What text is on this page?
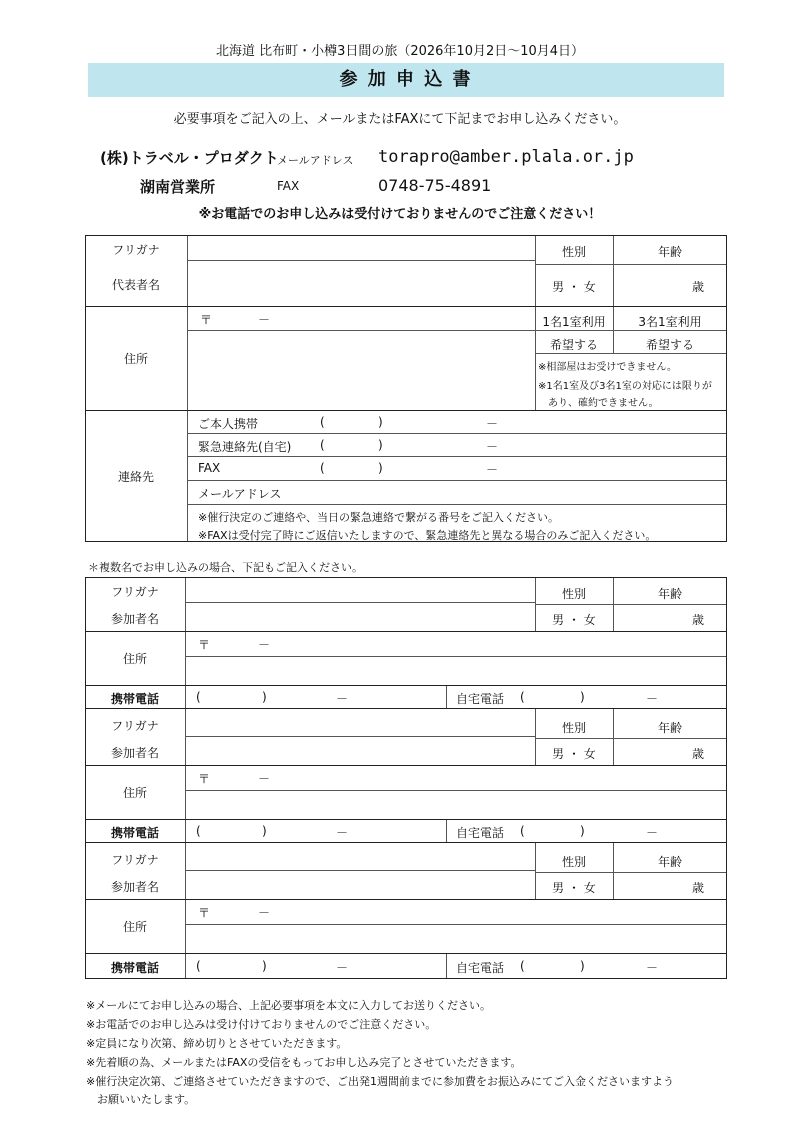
北海道 比布町・小樽3日間の旅（2026年10月2日～10月4日）
参 加 申 込 書
必要事項をご記入の上、メールまたはFAXにて下記までお申し込みください。
(株)トラベル・プロダクト
メールアドレス torapro@amber.plala.or.jp
湖南営業所	FAX	0748-75-4891
※お電話でのお申し込みは受付けておりませんのでご注意ください！
フリガナ
代表者名
性別	年齢
男 ・ 女	歳
住所
〒	－	1名1室利用	3名1室利用
希望する	希望する
※相部屋はお受けできません。
※1名1室及び3名1室の対応には限りが
あり、確約できません。
連絡先
ご本人携帯	(	)	－
緊急連絡先(自宅) (	)	－
FAX	(	)	－
メールアドレス
※催行決定のご連絡や、当日の緊急連絡で繋がる番号をご記入ください。
※FAXは受付完了時にご返信いたしますので、緊急連絡先と異なる場合のみご記入ください。
＊複数名でお申し込みの場合、下記もご記入ください。
フリガナ
参加者名
性別	年齢
男 ・ 女	歳
住所
〒	－
携帯電話	(	)	－	自宅電話 (	)	－
フリガナ
参加者名
性別	年齢
男 ・ 女	歳
住所
〒	－
携帯電話	(	)	－	自宅電話 (	)	－
フリガナ
参加者名
性別	年齢
男 ・ 女	歳
住所
〒	－
携帯電話	(	)	－	自宅電話 (	)	－
※メールにてお申し込みの場合、上記必要事項を本文に入力してお送りください。
※お電話でのお申し込みは受け付けておりませんのでご注意ください。
※定員になり次第、締め切りとさせていただきます。
※先着順の為、メールまたはFAXの受信をもってお申し込み完了とさせていただきます。
※催行決定次第、ご連絡させていただきますので、ご出発1週間前までに参加費をお振込みにてご入金くださいますよう
　お願いいたします。
